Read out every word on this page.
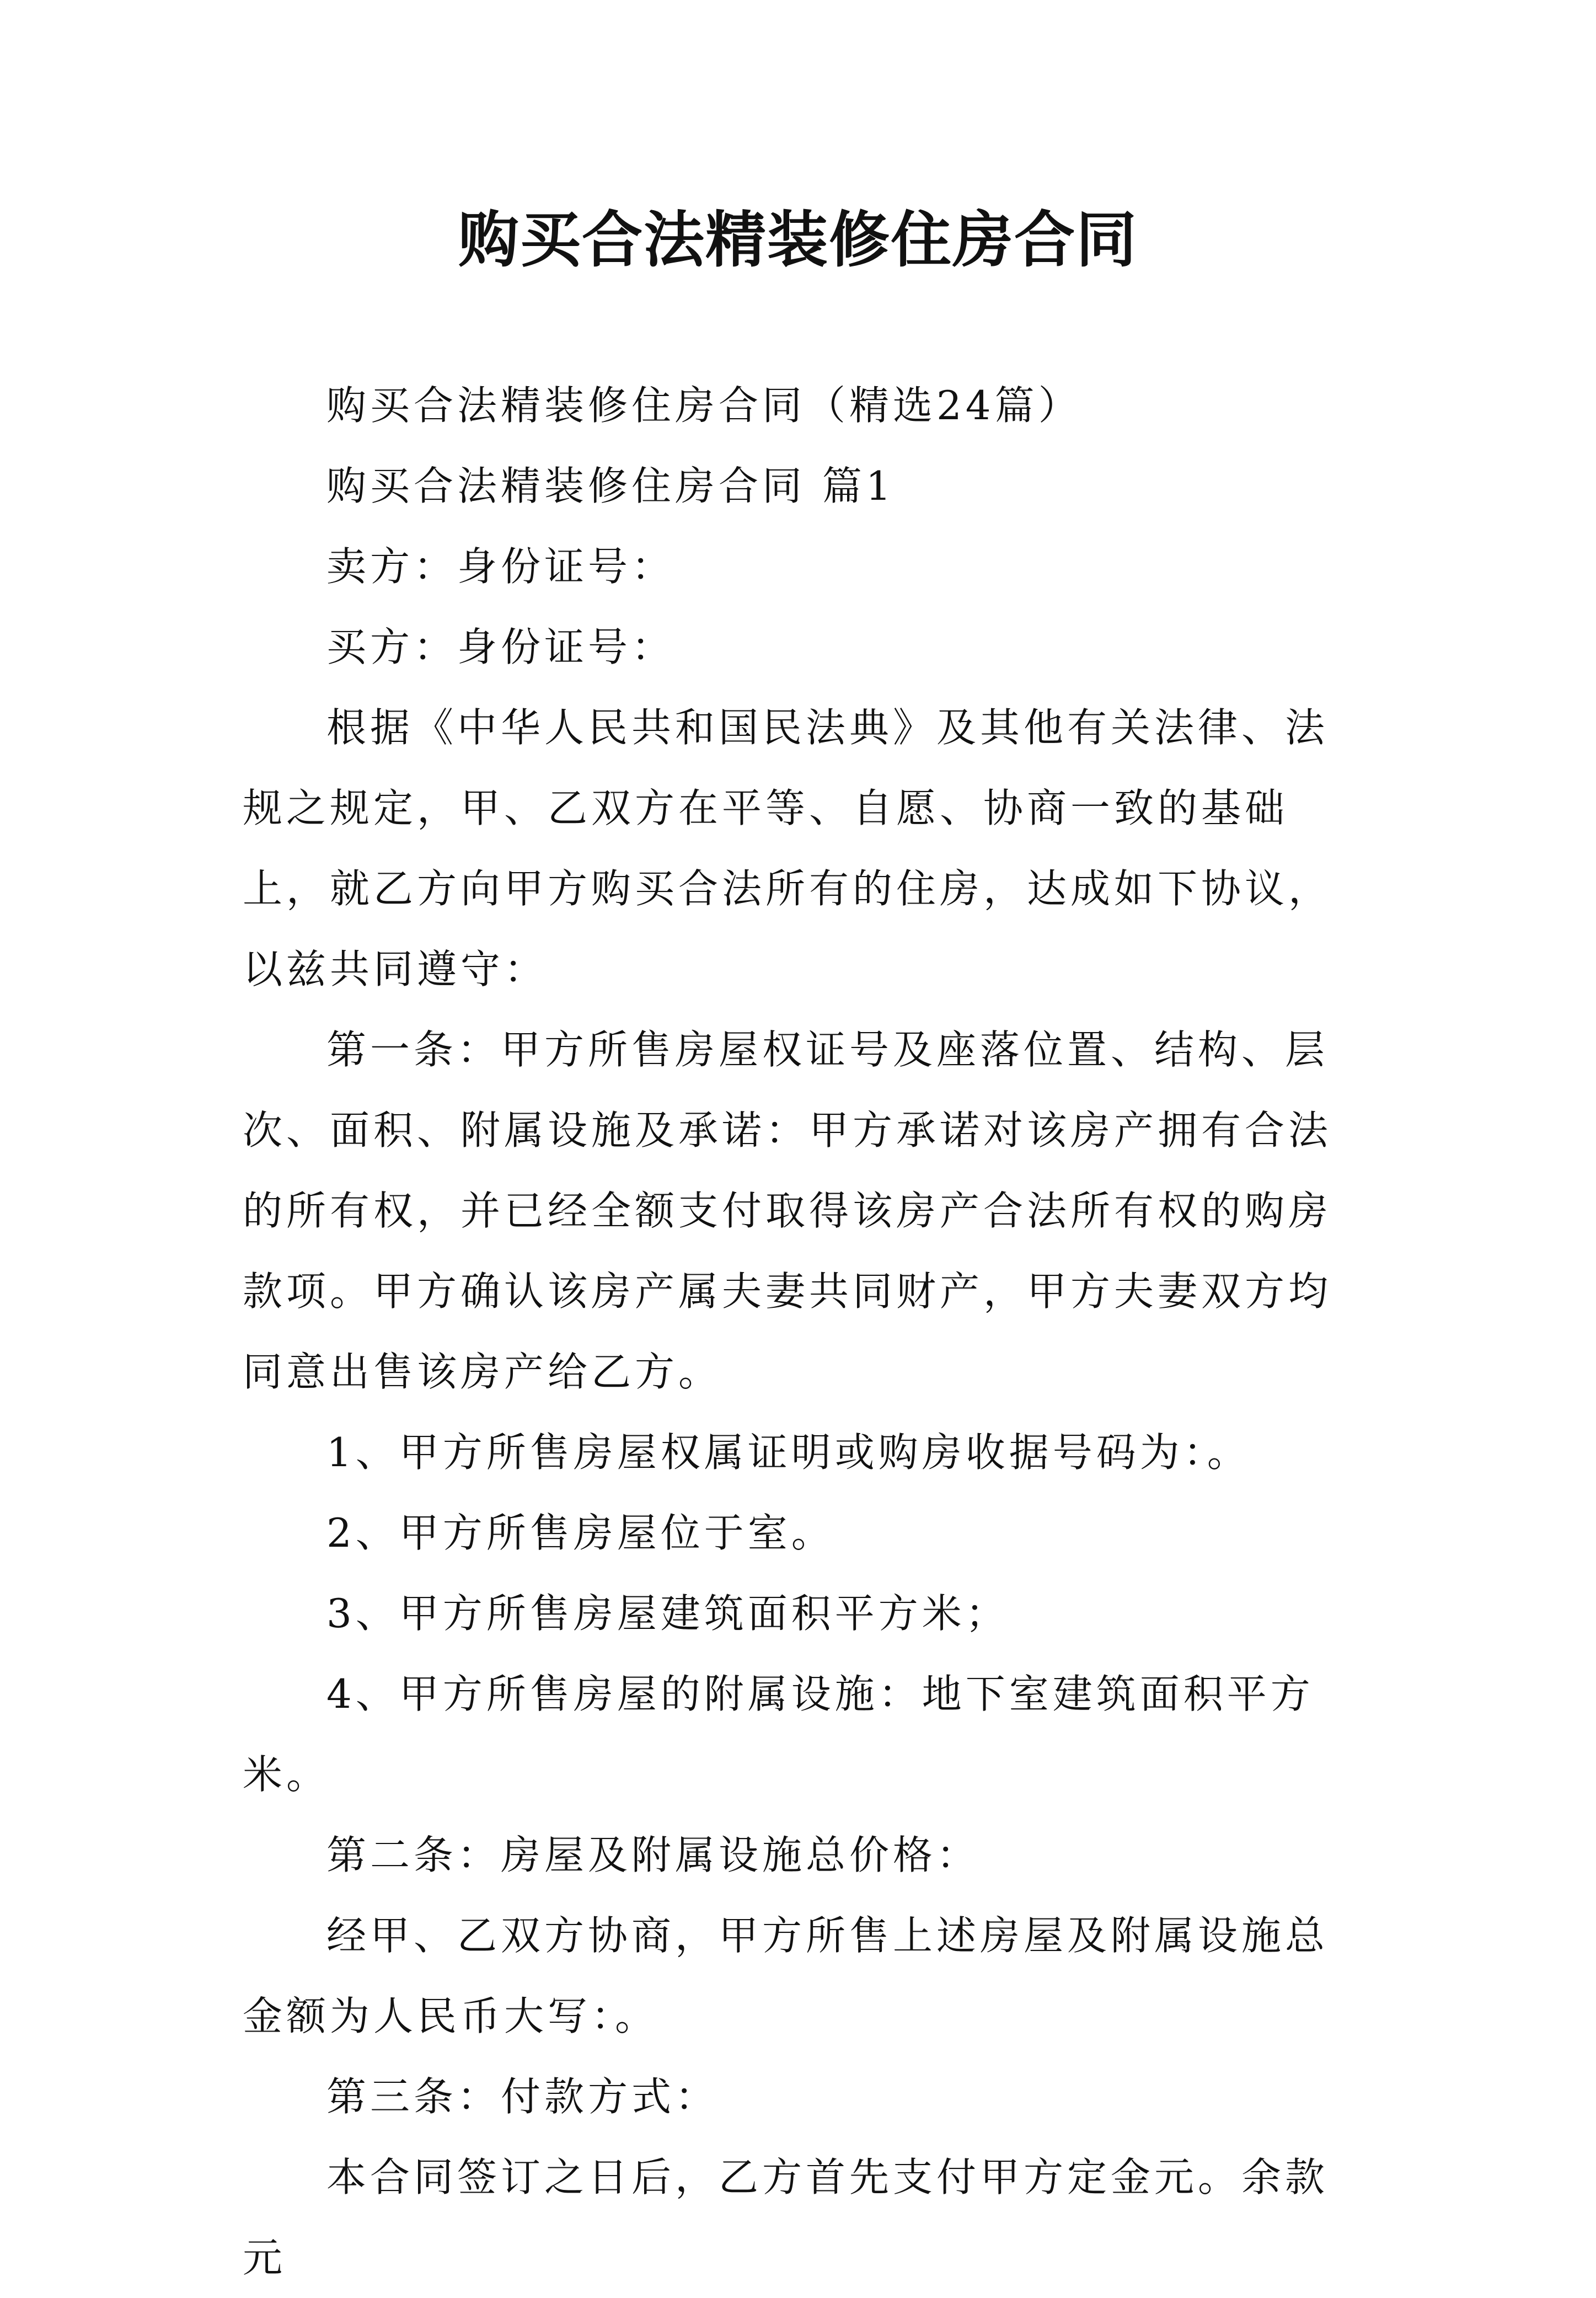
购买合法精装修住房合同

购买合法精装修住房合同（精选24篇）

购买合法精装修住房合同 篇1

卖方：身份证号：

买方：身份证号：

根据《中华人民共和国民法典》及其他有关法律、法规之规定，甲、乙双方在平等、自愿、协商一致的基础上，就乙方向甲方购买合法所有的住房，达成如下协议，以兹共同遵守：

第一条：甲方所售房屋权证号及座落位置、结构、层次、面积、附属设施及承诺：甲方承诺对该房产拥有合法的所有权，并已经全额支付取得该房产合法所有权的购房款项。甲方确认该房产属夫妻共同财产，甲方夫妻双方均同意出售该房产给乙方。

1、甲方所售房屋权属证明或购房收据号码为：。

2、甲方所售房屋位于室。

3、甲方所售房屋建筑面积平方米；

4、甲方所售房屋的附属设施：地下室建筑面积平方米。

第二条：房屋及附属设施总价格：

经甲、乙双方协商，甲方所售上述房屋及附属设施总金额为人民币大写：。

第三条：付款方式：

本合同签订之日后，乙方首先支付甲方定金元。余款元
